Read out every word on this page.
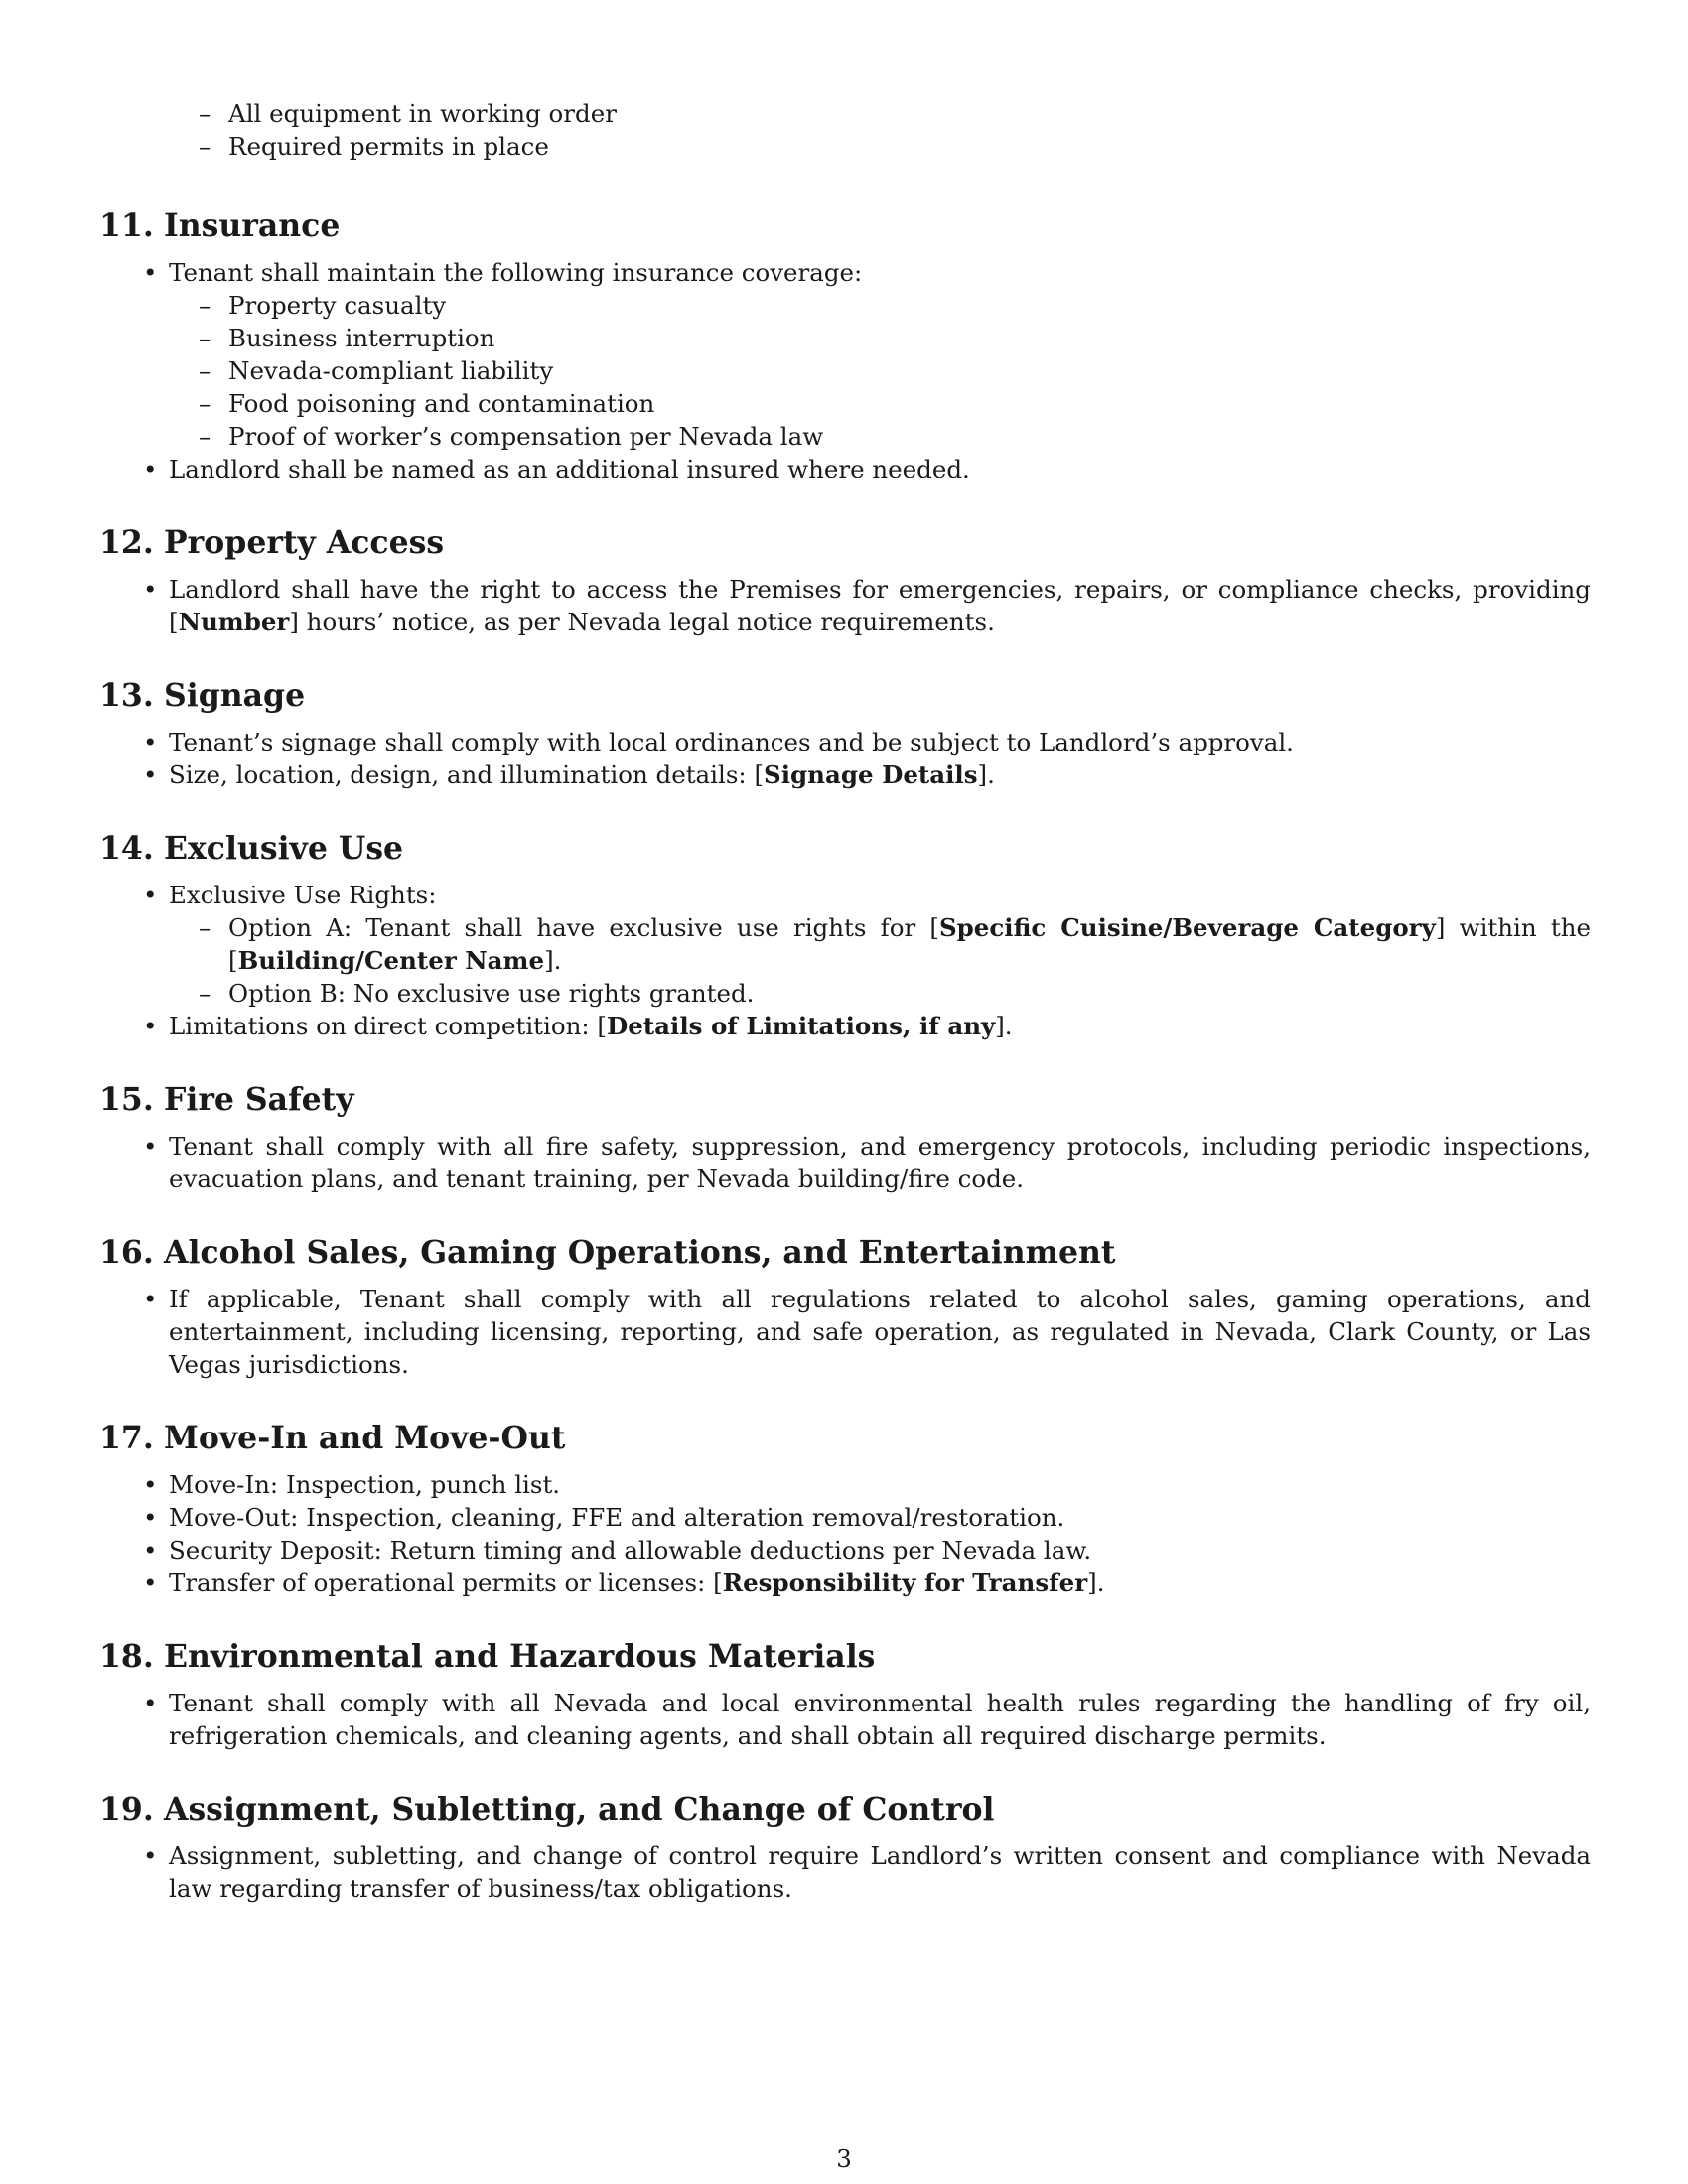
– All equipment in working order
– Required permits in place
11. Insurance
• Tenant shall maintain the following insurance coverage:
– Property casualty
– Business interruption
– Nevada-compliant liability
– Food poisoning and contamination
– Proof of worker’s compensation per Nevada law
• Landlord shall be named as an additional insured where needed.
12. Property Access
• Landlord shall have the right to access the Premises for emergencies, repairs, or compliance checks, providing [Number] hours’ notice, as per Nevada legal notice requirements.
13. Signage
• Tenant’s signage shall comply with local ordinances and be subject to Landlord’s approval.
• Size, location, design, and illumination details: [Signage Details].
14. Exclusive Use
• Exclusive Use Rights:
– Option A: Tenant shall have exclusive use rights for [Specific Cuisine/Beverage Category] within the [Building/Center Name].
– Option B: No exclusive use rights granted.
• Limitations on direct competition: [Details of Limitations, if any].
15. Fire Safety
• Tenant shall comply with all fire safety, suppression, and emergency protocols, including periodic inspections, evacuation plans, and tenant training, per Nevada building/fire code.
16. Alcohol Sales, Gaming Operations, and Entertainment
• If applicable, Tenant shall comply with all regulations related to alcohol sales, gaming operations, and entertainment, including licensing, reporting, and safe operation, as regulated in Nevada, Clark County, or Las Vegas jurisdictions.
17. Move-In and Move-Out
• Move-In: Inspection, punch list.
• Move-Out: Inspection, cleaning, FFE and alteration removal/restoration.
• Security Deposit: Return timing and allowable deductions per Nevada law.
• Transfer of operational permits or licenses: [Responsibility for Transfer].
18. Environmental and Hazardous Materials
• Tenant shall comply with all Nevada and local environmental health rules regarding the handling of fry oil, refrigeration chemicals, and cleaning agents, and shall obtain all required discharge permits.
19. Assignment, Subletting, and Change of Control
• Assignment, subletting, and change of control require Landlord’s written consent and compliance with Nevada law regarding transfer of business/tax obligations.
3
